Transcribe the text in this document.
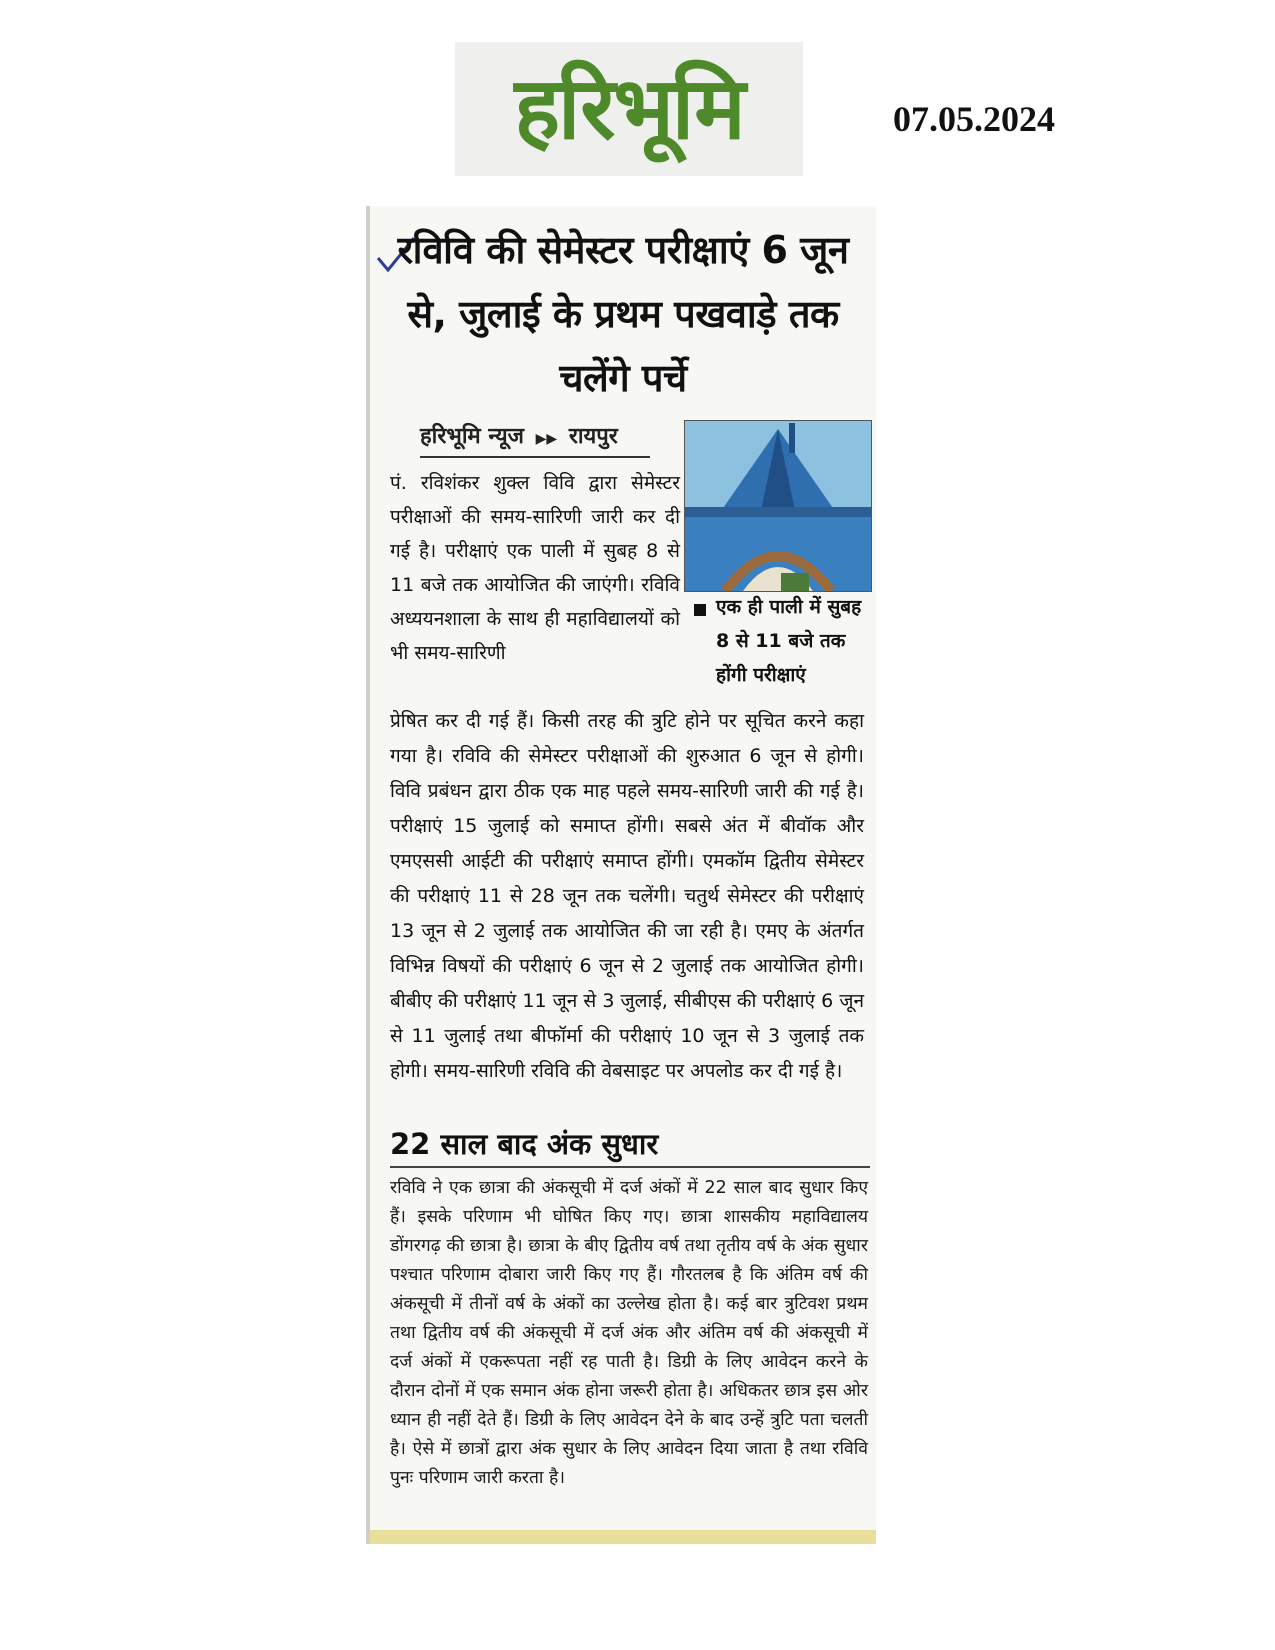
हरिभूमि	07.05.2024
रविवि की सेमेस्टर परीक्षाएं 6 जून से, जुलाई के प्रथम पखवाड़े तक चलेंगे पर्चे
हरिभूमि न्यूज ▶▶ रायपुर

पं. रविशंकर शुक्ल विवि द्वारा सेमेस्टर परीक्षाओं की समय-सारिणी जारी कर दी गई है। परीक्षाएं एक पाली में सुबह 8 से 11 बजे तक आयोजित की जाएंगी। रविवि अध्ययनशाला के साथ ही महाविद्यालयों को भी समय-सारिणी

एक ही पाली में सुबह 8 से 11 बजे तक होंगी परीक्षाएं

प्रेषित कर दी गई हैं। किसी तरह की त्रुटि होने पर सूचित करने कहा गया है। रविवि की सेमेस्टर परीक्षाओं की शुरुआत 6 जून से होगी। विवि प्रबंधन द्वारा ठीक एक माह पहले समय-सारिणी जारी की गई है। परीक्षाएं 15 जुलाई को समाप्त होंगी। सबसे अंत में बीवॉक और एमएससी आईटी की परीक्षाएं समाप्त होंगी। एमकॉम द्वितीय सेमेस्टर की परीक्षाएं 11 से 28 जून तक चलेंगी। चतुर्थ सेमेस्टर की परीक्षाएं 13 जून से 2 जुलाई तक आयोजित की जा रही है। एमए के अंतर्गत विभिन्न विषयों की परीक्षाएं 6 जून से 2 जुलाई तक आयोजित होगी। बीबीए की परीक्षाएं 11 जून से 3 जुलाई, सीबीएस की परीक्षाएं 6 जून से 11 जुलाई तथा बीफॉर्मा की परीक्षाएं 10 जून से 3 जुलाई तक होगी। समय-सारिणी रविवि की वेबसाइट पर अपलोड कर दी गई है।

22 साल बाद अंक सुधार

रविवि ने एक छात्रा की अंकसूची में दर्ज अंकों में 22 साल बाद सुधार किए हैं। इसके परिणाम भी घोषित किए गए। छात्रा शासकीय महाविद्यालय डोंगरगढ़ की छात्रा है। छात्रा के बीए द्वितीय वर्ष तथा तृतीय वर्ष के अंक सुधार पश्चात परिणाम दोबारा जारी किए गए हैं। गौरतलब है कि अंतिम वर्ष की अंकसूची में तीनों वर्ष के अंकों का उल्लेख होता है। कई बार त्रुटिवश प्रथम तथा द्वितीय वर्ष की अंकसूची में दर्ज अंक और अंतिम वर्ष की अंकसूची में दर्ज अंकों में एकरूपता नहीं रह पाती है। डिग्री के लिए आवेदन करने के दौरान दोनों में एक समान अंक होना जरूरी होता है। अधिकतर छात्र इस ओर ध्यान ही नहीं देते हैं। डिग्री के लिए आवेदन देने के बाद उन्हें त्रुटि पता चलती है। ऐसे में छात्रों द्वारा अंक सुधार के लिए आवेदन दिया जाता है तथा रविवि पुनः परिणाम जारी करता है।
